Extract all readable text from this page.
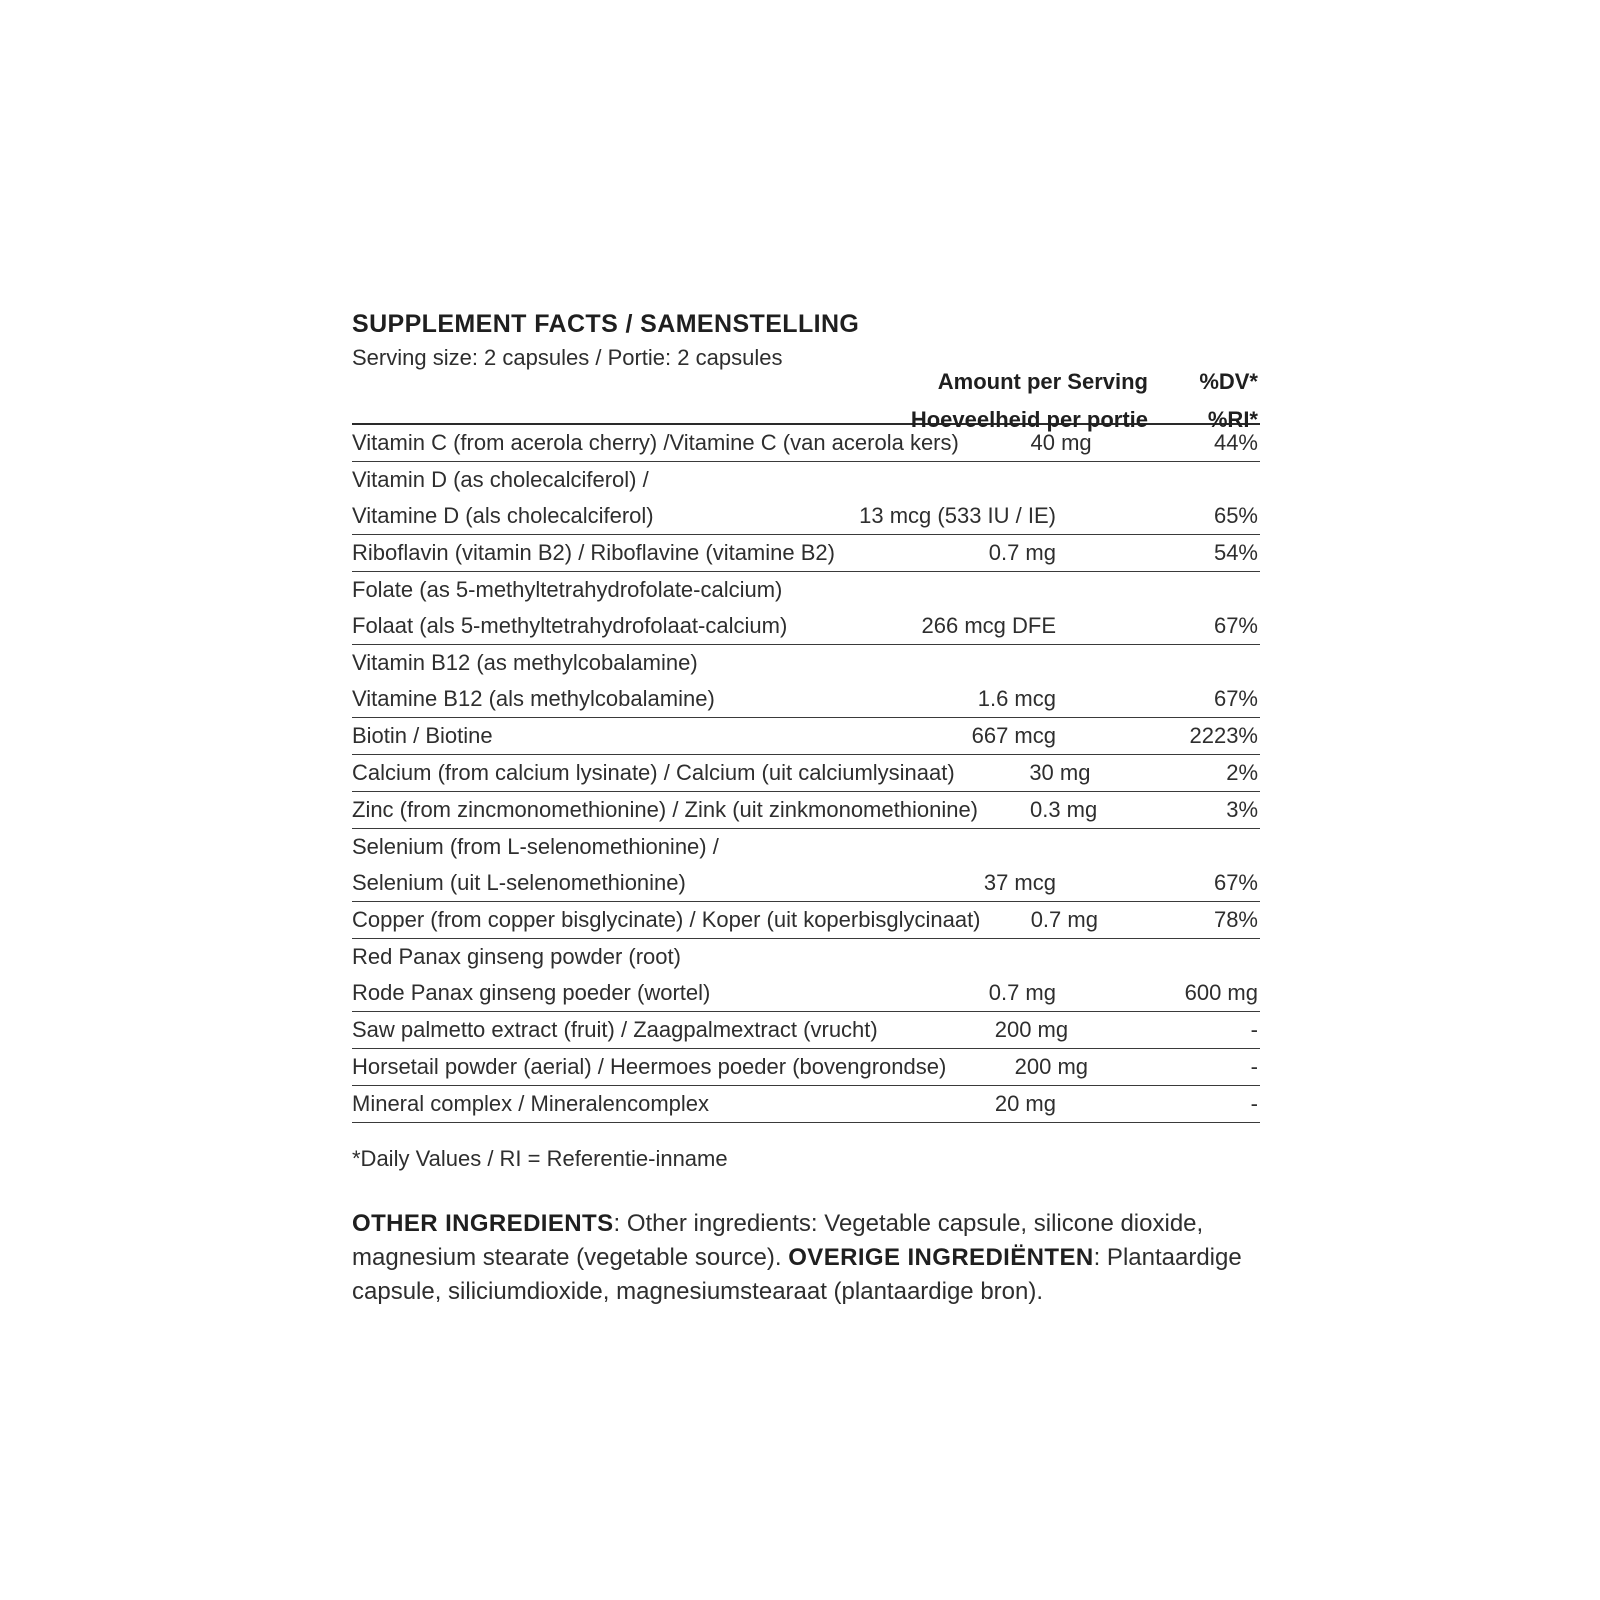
SUPPLEMENT FACTS / SAMENSTELLING
Serving size: 2 capsules / Portie: 2 capsules
Amount per Serving	%DV*
Hoeveelheid per portie	%RI*
Vitamin C (from acerola cherry) /Vitamine C (van acerola kers)	40 mg	44%
Vitamin D (as cholecalciferol) /
Vitamine D (als cholecalciferol)	13 mcg (533 IU / IE)	65%
Riboflavin (vitamin B2) / Riboflavine (vitamine B2)	0.7 mg	54%
Folate (as 5-methyltetrahydrofolate-calcium)
Folaat (als 5-methyltetrahydrofolaat-calcium)	266 mcg DFE	67%
Vitamin B12 (as methylcobalamine)
Vitamine B12 (als methylcobalamine)	1.6 mcg	67%
Biotin / Biotine	667 mcg	2223%
Calcium (from calcium lysinate) / Calcium (uit calciumlysinaat)	30 mg	2%
Zinc (from zincmonomethionine) / Zink (uit zinkmonomethionine)	0.3 mg	3%
Selenium (from L-selenomethionine) /
Selenium (uit L-selenomethionine)	37 mcg	67%
Copper (from copper bisglycinate) / Koper (uit koperbisglycinaat)	0.7 mg	78%
Red Panax ginseng powder (root)
Rode Panax ginseng poeder (wortel)	0.7 mg	600 mg
Saw palmetto extract (fruit) / Zaagpalmextract (vrucht)	200 mg	-
Horsetail powder (aerial) / Heermoes poeder (bovengrondse)	200 mg	-
Mineral complex / Mineralencomplex	20 mg	-
*Daily Values / RI = Referentie-inname

OTHER INGREDIENTS: Other ingredients: Vegetable capsule, silicone dioxide, magnesium stearate (vegetable source). OVERIGE INGREDIËNTEN: Plantaardige capsule, siliciumdioxide, magnesiumstearaat (plantaardige bron).
